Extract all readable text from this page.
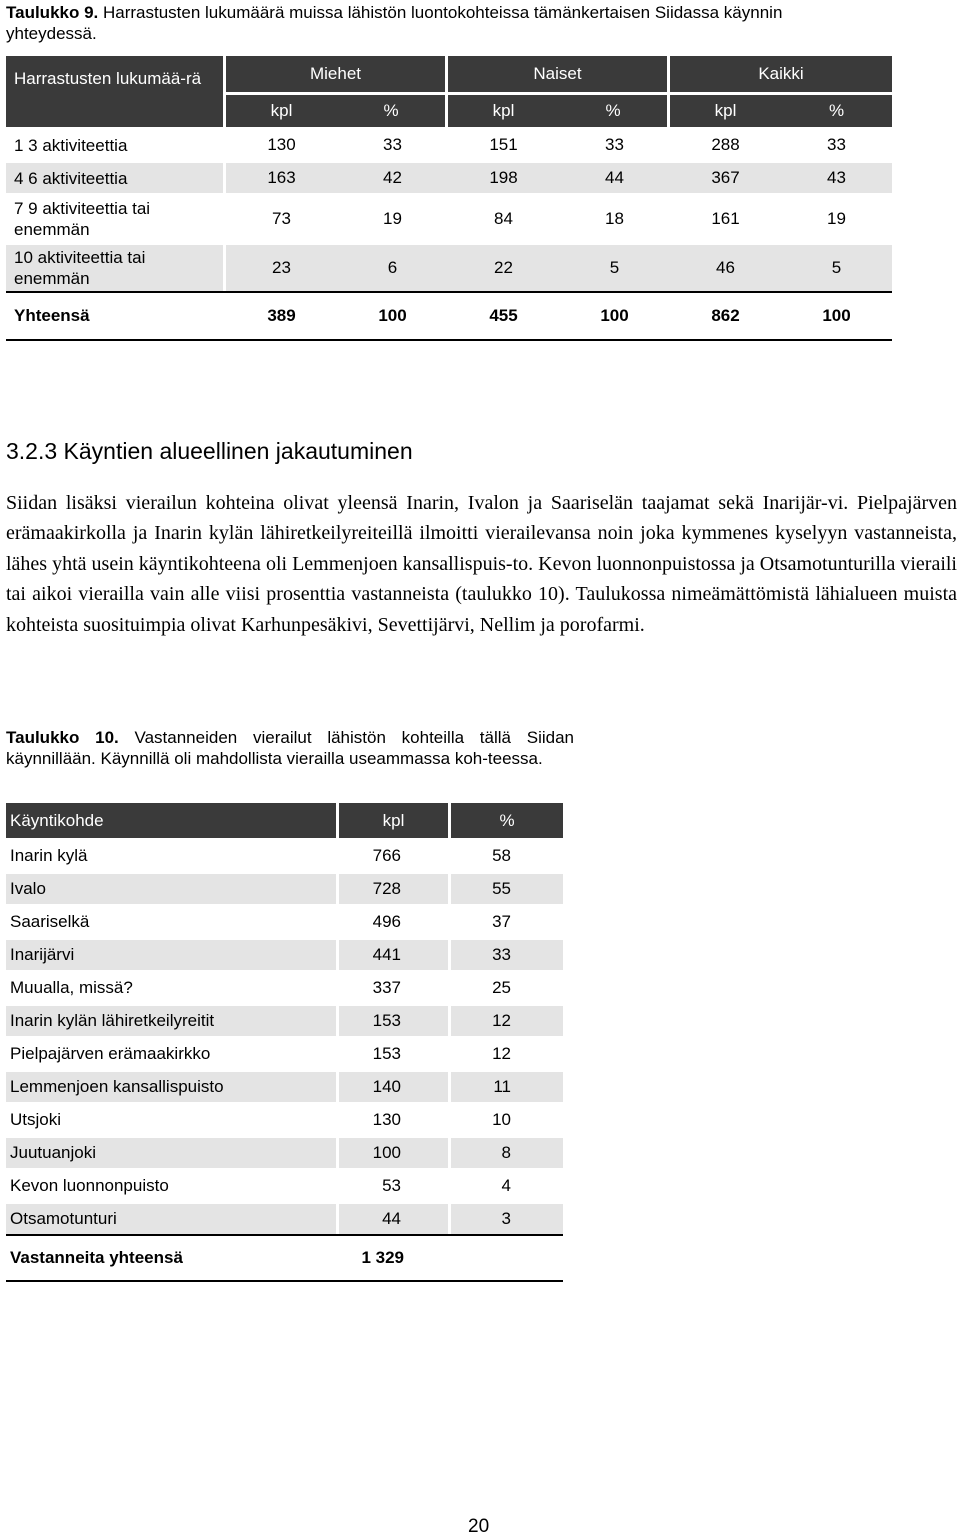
Taulukko 9. Harrastusten lukumäärä muissa lähistön luontokohteissa tämänkertaisen Siidassa käynnin yhteydessä.

Harrastusten lukumää-rä	Miehet		Naiset		Kaikki	
	kpl	%	kpl	%	kpl	%
1 3 aktiviteettia	130	33	151	33	288	33
4 6 aktiviteettia	163	42	198	44	367	43
7 9 aktiviteettia tai enemmän	73	19	84	18	161	19
10 aktiviteettia tai enemmän	23	6	22	5	46	5
Yhteensä	389	100	455	100	862	100
3.2.3 Käyntien alueellinen jakautuminen

Siidan lisäksi vierailun kohteina olivat yleensä Inarin, Ivalon ja Saariselän taajamat sekä Inarijär-vi. Pielpajärven erämaakirkolla ja Inarin kylän lähiretkeilyreiteillä ilmoitti vierailevansa noin joka kymmenes kyselyyn vastanneista, lähes yhtä usein käyntikohteena oli Lemmenjoen kansallispuis-to. Kevon luonnonpuistossa ja Otsamotunturilla vieraili tai aikoi vierailla vain alle viisi prosenttia vastanneista (taulukko 10). Taulukossa nimeämättömistä lähialueen muista kohteista suosituimpia olivat Karhunpesäkivi, Sevettijärvi, Nellim ja porofarmi.

Taulukko 10. Vastanneiden vierailut lähistön kohteilla tällä Siidan käynnillään. Käynnillä oli mahdollista vierailla useammassa koh-teessa.

Käyntikohde	kpl	%
Inarin kylä	766	58
Ivalo	728	55
Saariselkä	496	37
Inarijärvi	441	33
Muualla, missä?	337	25
Inarin kylän lähiretkeilyreitit	153	12
Pielpajärven erämaakirkko	153	12
Lemmenjoen kansallispuisto	140	11
Utsjoki	130	10
Juutuanjoki	100	8
Kevon luonnonpuisto	53	4
Otsamotunturi	44	3
Vastanneita yhteensä	1 329	

20
